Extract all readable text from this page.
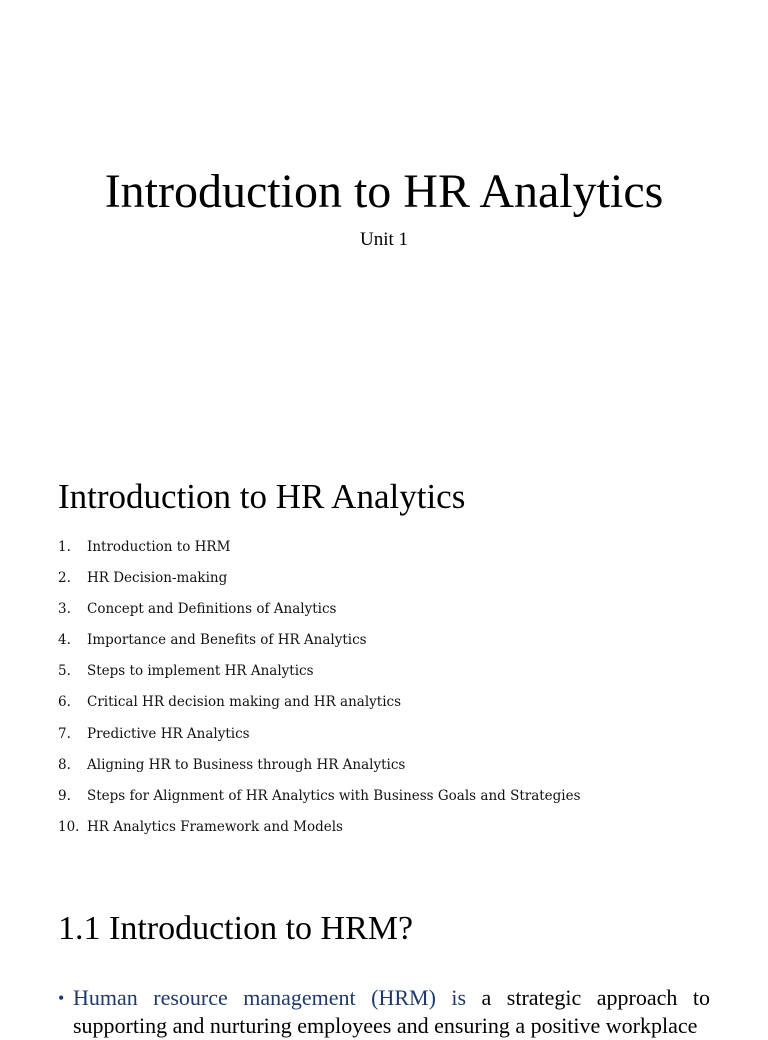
Introduction to HR Analytics
Unit 1
Introduction to HR Analytics
1.	Introduction to HRM
2.	HR Decision-making
3.	Concept and Definitions of Analytics
4.	Importance and Benefits of HR Analytics
5.	Steps to implement HR Analytics
6.	Critical HR decision making and HR analytics
7.	Predictive HR Analytics
8.	Aligning HR to Business through HR Analytics
9.	Steps for Alignment of HR Analytics with Business Goals and Strategies
10. HR Analytics Framework and Models
1.1 Introduction to HRM?
• Human resource management (HRM) is a strategic approach to
supporting and nurturing employees and ensuring a positive workplace
